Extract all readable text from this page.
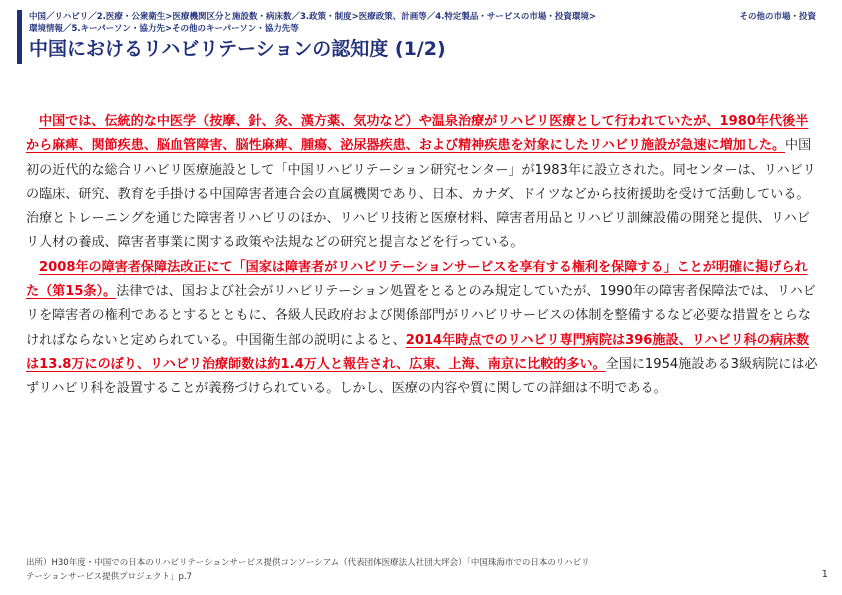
中国／リハビリ／2.医療・公衆衛生>医療機関区分と施設数・病床数／3.政策・制度>医療政策、計画等／4.特定製品・サービスの市場・投資環境>
環境情報／5.キーパーソン・協力先>その他のキーパーソン・協力先等
その他の市場・投資
中国におけるリハビリテーションの認知度 (1/2)

中国では、伝統的な中医学（按摩、針、灸、漢方薬、気功など）や温泉治療がリハビリ医療として行われていたが、1980年代後半から麻痺、関節疾患、脳血管障害、脳性麻痺、腫瘍、泌尿器疾患、および精神疾患を対象にしたリハビリ施設が急速に増加した。中国初の近代的な総合リハビリ医療施設として「中国リハビリテーション研究センター」が1983年に設立された。同センターは、リハビリの臨床、研究、教育を手掛ける中国障害者連合会の直属機関であり、日本、カナダ、ドイツなどから技術援助を受けて活動している。治療とトレーニングを通じた障害者リハビリのほか、リハビリ技術と医療材料、障害者用品とリハビリ訓練設備の開発と提供、リハビリ人材の養成、障害者事業に関する政策や法規などの研究と提言などを行っている。

2008年の障害者保障法改正にて「国家は障害者がリハビリテーションサービスを享有する権利を保障する」ことが明確に掲げられた（第15条）。法律では、国および社会がリハビリテーション処置をとるとのみ規定していたが、1990年の障害者保障法では、リハビリを障害者の権利であるとするとともに、各級人民政府および関係部門がリハビリサービスの体制を整備するなど必要な措置をとらなければならないと定められている。中国衛生部の説明によると、2014年時点でのリハビリ専門病院は396施設、リハビリ科の病床数は13.8万にのぼり、リハビリ治療師数は約1.4万人と報告され、広東、上海、南京に比較的多い。全国に1954施設ある3級病院には必ずリハビリ科を設置することが義務づけられている。しかし、医療の内容や質に関しての詳細は不明である。

出所）H30年度・中国での日本のリハビリテーションサービス提供コンソーシアム（代表団体医療法人社団大坪会）「中国珠海市での日本のリハビリ
テーションサービス提供プロジェクト」p.7	1
